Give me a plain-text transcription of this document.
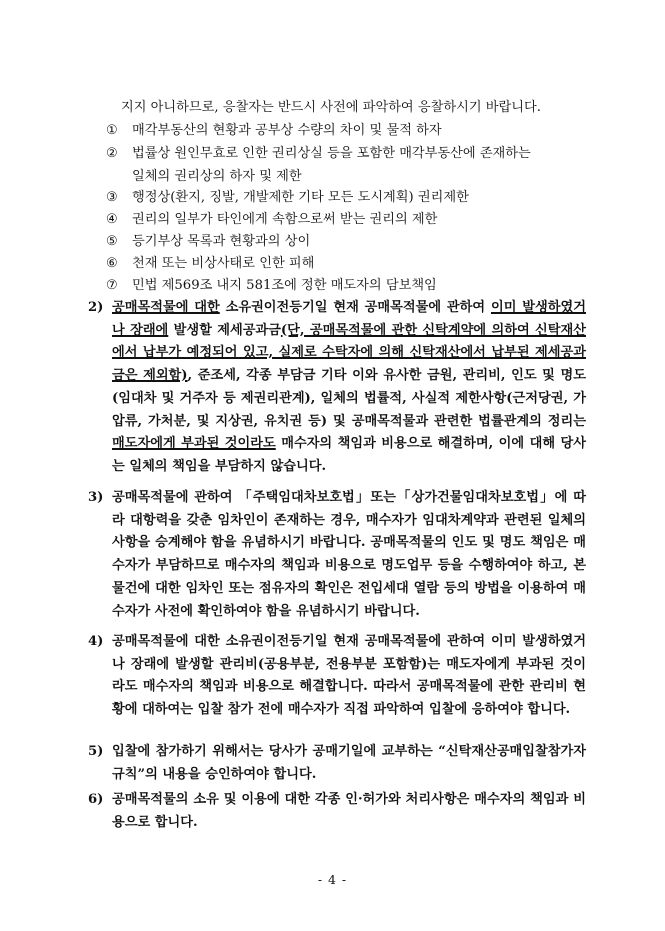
지지 아니하므로, 응찰자는 반드시 사전에 파악하여 응찰하시기 바랍니다.
① 매각부동산의 현황과 공부상 수량의 차이 및 물적 하자
② 법률상 원인무효로 인한 권리상실 등을 포함한 매각부동산에 존재하는
일체의 권리상의 하자 및 제한
③ 행정상(환지, 징발, 개발제한 기타 모든 도시계획) 권리제한
④ 권리의 일부가 타인에게 속함으로써 받는 권리의 제한
⑤ 등기부상 목록과 현황과의 상이
⑥ 천재 또는 비상사태로 인한 피해
⑦ 민법 제569조 내지 581조에 정한 매도자의 담보책임
2) 공매목적물에 대한 소유권이전등기일 현재 공매목적물에 관하여 이미 발생하였거나 장래에 발생할 제세공과금(단, 공매목적물에 관한 신탁계약에 의하여 신탁재산에서 납부가 예정되어 있고, 실제로 수탁자에 의해 신탁재산에서 납부된 제세공과금은 제외함), 준조세, 각종 부담금 기타 이와 유사한 금원, 관리비, 인도 및 명도(임대차 및 거주자 등 제권리관계), 일체의 법률적, 사실적 제한사항(근저당권, 가압류, 가처분, 및 지상권, 유치권 등) 및 공매목적물과 관련한 법률관계의 정리는 매도자에게 부과된 것이라도 매수자의 책임과 비용으로 해결하며, 이에 대해 당사는 일체의 책임을 부담하지 않습니다.
3) 공매목적물에 관하여 「주택임대차보호법」또는「상가건물임대차보호법」에 따라 대항력을 갖춘 임차인이 존재하는 경우, 매수자가 임대차계약과 관련된 일체의 사항을 승계해야 함을 유념하시기 바랍니다. 공매목적물의 인도 및 명도 책임은 매수자가 부담하므로 매수자의 책임과 비용으로 명도업무 등을 수행하여야 하고, 본 물건에 대한 임차인 또는 점유자의 확인은 전입세대 열람 등의 방법을 이용하여 매수자가 사전에 확인하여야 함을 유념하시기 바랍니다.
4) 공매목적물에 대한 소유권이전등기일 현재 공매목적물에 관하여 이미 발생하였거나 장래에 발생할 관리비(공용부분, 전용부분 포함함)는 매도자에게 부과된 것이라도 매수자의 책임과 비용으로 해결합니다. 따라서 공매목적물에 관한 관리비 현황에 대하여는 입찰 참가 전에 매수자가 직접 파악하여 입찰에 응하여야 합니다.
5) 입찰에 참가하기 위해서는 당사가 공매기일에 교부하는 “신탁재산공매입찰참가자규칙”의 내용을 승인하여야 합니다.
6) 공매목적물의 소유 및 이용에 대한 각종 인·허가와 처리사항은 매수자의 책임과 비용으로 합니다.
- 4 -
